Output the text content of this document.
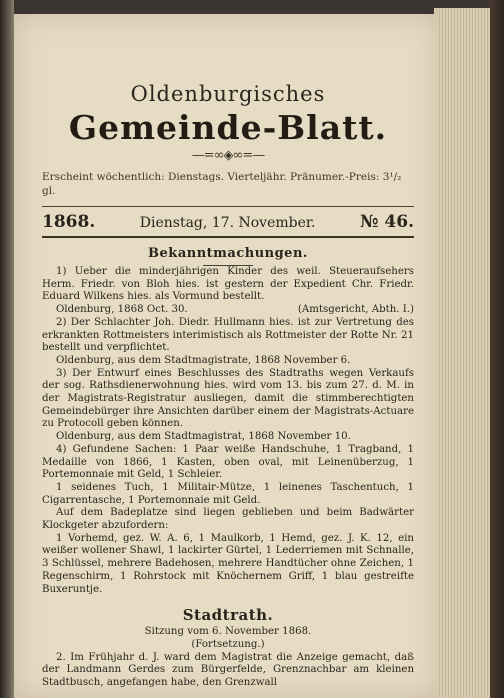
Oldenburgisches
Gemeinde-Blatt.
—=∞◈∞=—
Erscheint wöchentlich: Dienstags. Vierteljähr. Pränumer.-Preis: 3¹/₂ gl.
1868.	Dienstag, 17. November.	№ 46.
Bekanntmachungen.

1) Ueber die minderjährigen Kinder des weil. Steueraufsehers Herm. Friedr. von Bloh hies. ist gestern der Expedient Chr. Friedr. Eduard Wilkens hies. als Vormund bestellt.

Oldenburg, 1868 Oct. 30.	(Amtsgericht, Abth. I.)

2) Der Schlachter Joh. Diedr. Hullmann hies. ist zur Vertretung des erkrankten Rottmeisters interimistisch als Rottmeister der Rotte Nr. 21 bestellt und verpflichtet.

Oldenburg, aus dem Stadtmagistrate, 1868 November 6.

3) Der Entwurf eines Beschlusses des Stadtraths wegen Verkaufs der sog. Rathsdienerwohnung hies. wird vom 13. bis zum 27. d. M. in der Magistrats-Registratur ausliegen, damit die stimmberechtigten Gemeindebürger ihre Ansichten darüber einem der Magistrats-Actuare zu Protocoll geben können.

Oldenburg, aus dem Stadtmagistrat, 1868 November 10.

4) Gefundene Sachen: 1 Paar weiße Handschuhe, 1 Tragband, 1 Medaille von 1866, 1 Kasten, oben oval, mit Leinenüberzug, 1 Portemonnaie mit Geld, 1 Schleier.

1 seidenes Tuch, 1 Militair-Mütze, 1 leinenes Taschentuch, 1 Cigarrentasche, 1 Portemonnaie mit Geld.

Auf dem Badeplatze sind liegen geblieben und beim Badwärter Klockgeter abzufordern:

1 Vorhemd, gez. W. A. 6, 1 Maulkorb, 1 Hemd, gez. J. K. 12, ein weißer wollener Shawl, 1 lackirter Gürtel, 1 Lederriemen mit Schnalle, 3 Schlüssel, mehrere Badehosen, mehrere Handtücher ohne Zeichen, 1 Regenschirm, 1 Rohrstock mit Knöchernem Griff, 1 blau gestreifte Buxeruntje.

Stadtrath.
Sitzung vom 6. November 1868.
(Fortsetzung.)

2. Im Frühjahr d. J. ward dem Magistrat die Anzeige gemacht, daß der Landmann Gerdes zum Bürgerfelde, Grenznachbar am kleinen Stadtbusch, angefangen habe, den Grenzwall
